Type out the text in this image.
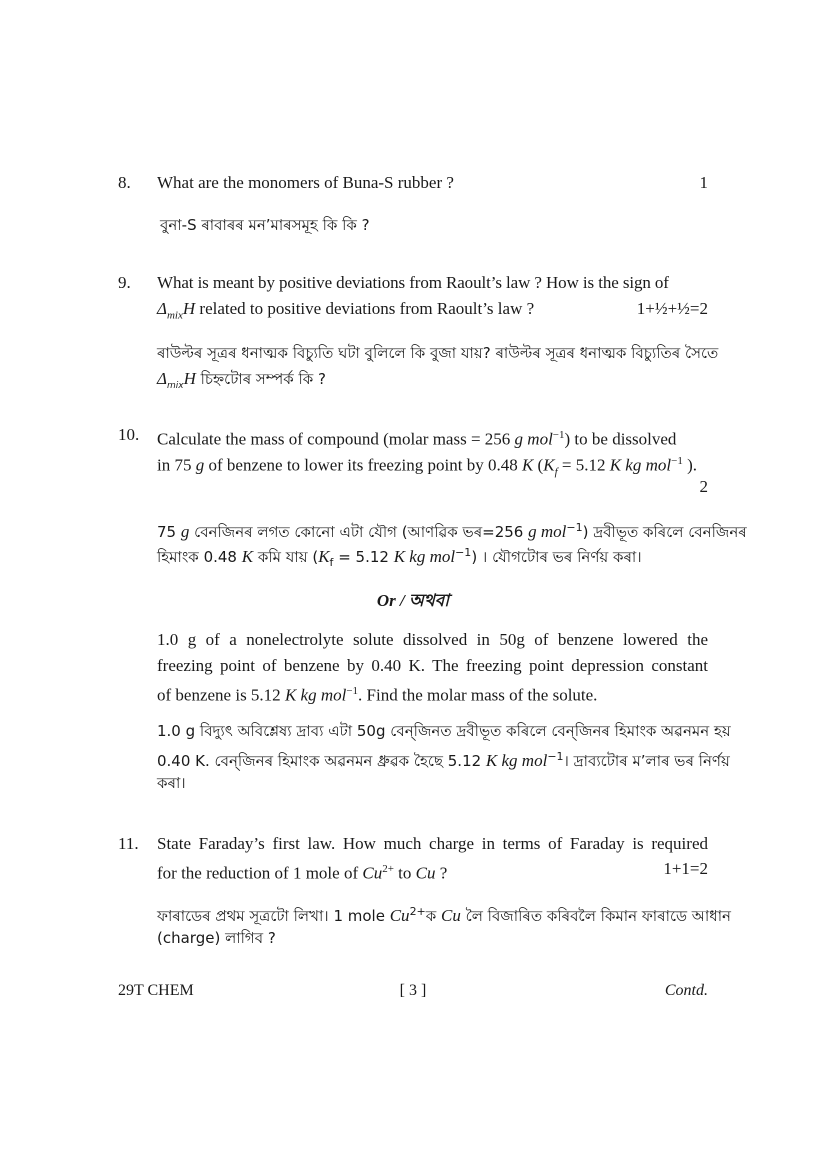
8. What are the monomers of Buna-S rubber ?	1
বুনা-S ৰাবাৰৰ মন’মাৰসমূহ কি কি ?
9. What is meant by positive deviations from Raoult’s law ? How is the sign of
$\Delta_{mix}H$ related to positive deviations from Raoult’s law ?	1+½+½=2
ৰাউল্টৰ সূত্ৰৰ ধনাত্মক বিচ্যুতি ঘটা বুলিলে কি বুজা যায়? ৰাউল্টৰ সূত্ৰৰ ধনাত্মক বিচ্যুতিৰ সৈতে
$\Delta_{mix}H$ চিহ্নটোৰ সম্পৰ্ক কি ?
10. Calculate the mass of compound (molar mass = 256 g mol$^{-1}$) to be dissolved
in 75 g of benzene to lower its freezing point by 0.48 K ($K_f = 5.12$ K kg mol$^{-1}$ ).
2
75 g বেনজিনৰ লগত কোনো এটা যৌগ (আণৱিক ভৰ=256 g mol$^{-1}$) দ্ৰবীভূত কৰিলে বেনজিনৰ
হিমাংক 0.48 K কমি যায় ($K_f = 5.12$ K kg mol$^{-1}$) । যৌগটোৰ ভৰ নিৰ্ণয় কৰা।
Or / অথবা
1.0 g of a nonelectrolyte solute dissolved in 50g of benzene lowered the
freezing point of benzene by 0.40 K. The freezing point depression constant
of benzene is 5.12 K kg mol$^{-1}$. Find the molar mass of the solute.
1.0 g বিদ্যুৎ অবিশ্লেষ্য দ্ৰাব্য এটা 50g বেন্‌জিনত দ্ৰবীভূত কৰিলে বেন্‌জিনৰ হিমাংক অৱনমন হয়
0.40 K. বেন্‌জিনৰ হিমাংক অৱনমন ধ্ৰুৱক হৈছে 5.12 K kg mol$^{-1}$। দ্ৰাব্যটোৰ ম’লাৰ ভৰ নিৰ্ণয়
কৰা।
11. State Faraday’s first law. How much charge in terms of Faraday is required
for the reduction of 1 mole of $Cu^{2+}$ to Cu ?	1+1=2
ফাৰাডেৰ প্ৰথম সূত্ৰটো লিখা। 1 mole $Cu^{2+}ক$ Cu লৈ বিজাৰিত কৰিবলৈ কিমান ফাৰাডে আধান
(charge) লাগিব ?
29T CHEM	[ 3 ]	Contd.
